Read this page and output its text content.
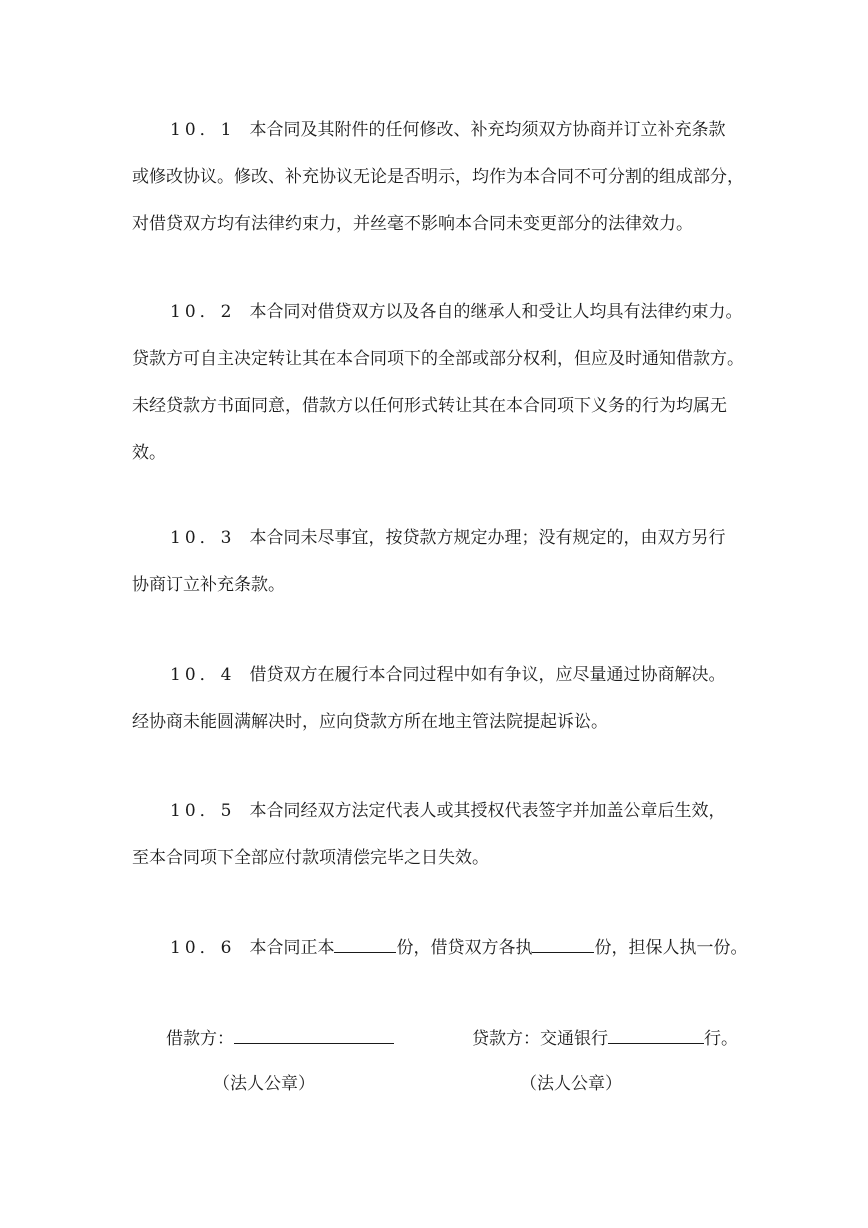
10．1 本合同及其附件的任何修改、补充均须双方协商并订立补充条款
或修改协议。修改、补充协议无论是否明示，均作为本合同不可分割的组成部分，
对借贷双方均有法律约束力，并丝毫不影响本合同未变更部分的法律效力。
10．2 本合同对借贷双方以及各自的继承人和受让人均具有法律约束力。
贷款方可自主决定转让其在本合同项下的全部或部分权利，但应及时通知借款方。
未经贷款方书面同意，借款方以任何形式转让其在本合同项下义务的行为均属无
效。
10．3 本合同未尽事宜，按贷款方规定办理；没有规定的，由双方另行
协商订立补充条款。
10．4 借贷双方在履行本合同过程中如有争议，应尽量通过协商解决。
经协商未能圆满解决时，应向贷款方所在地主管法院提起诉讼。
10．5 本合同经双方法定代表人或其授权代表签字并加盖公章后生效，
至本合同项下全部应付款项清偿完毕之日失效。
10．6 本合同正本	份，借贷双方各执	份，担保人执一份。
借款方：	贷款方：交通银行	行。
（法人公章）	（法人公章）
